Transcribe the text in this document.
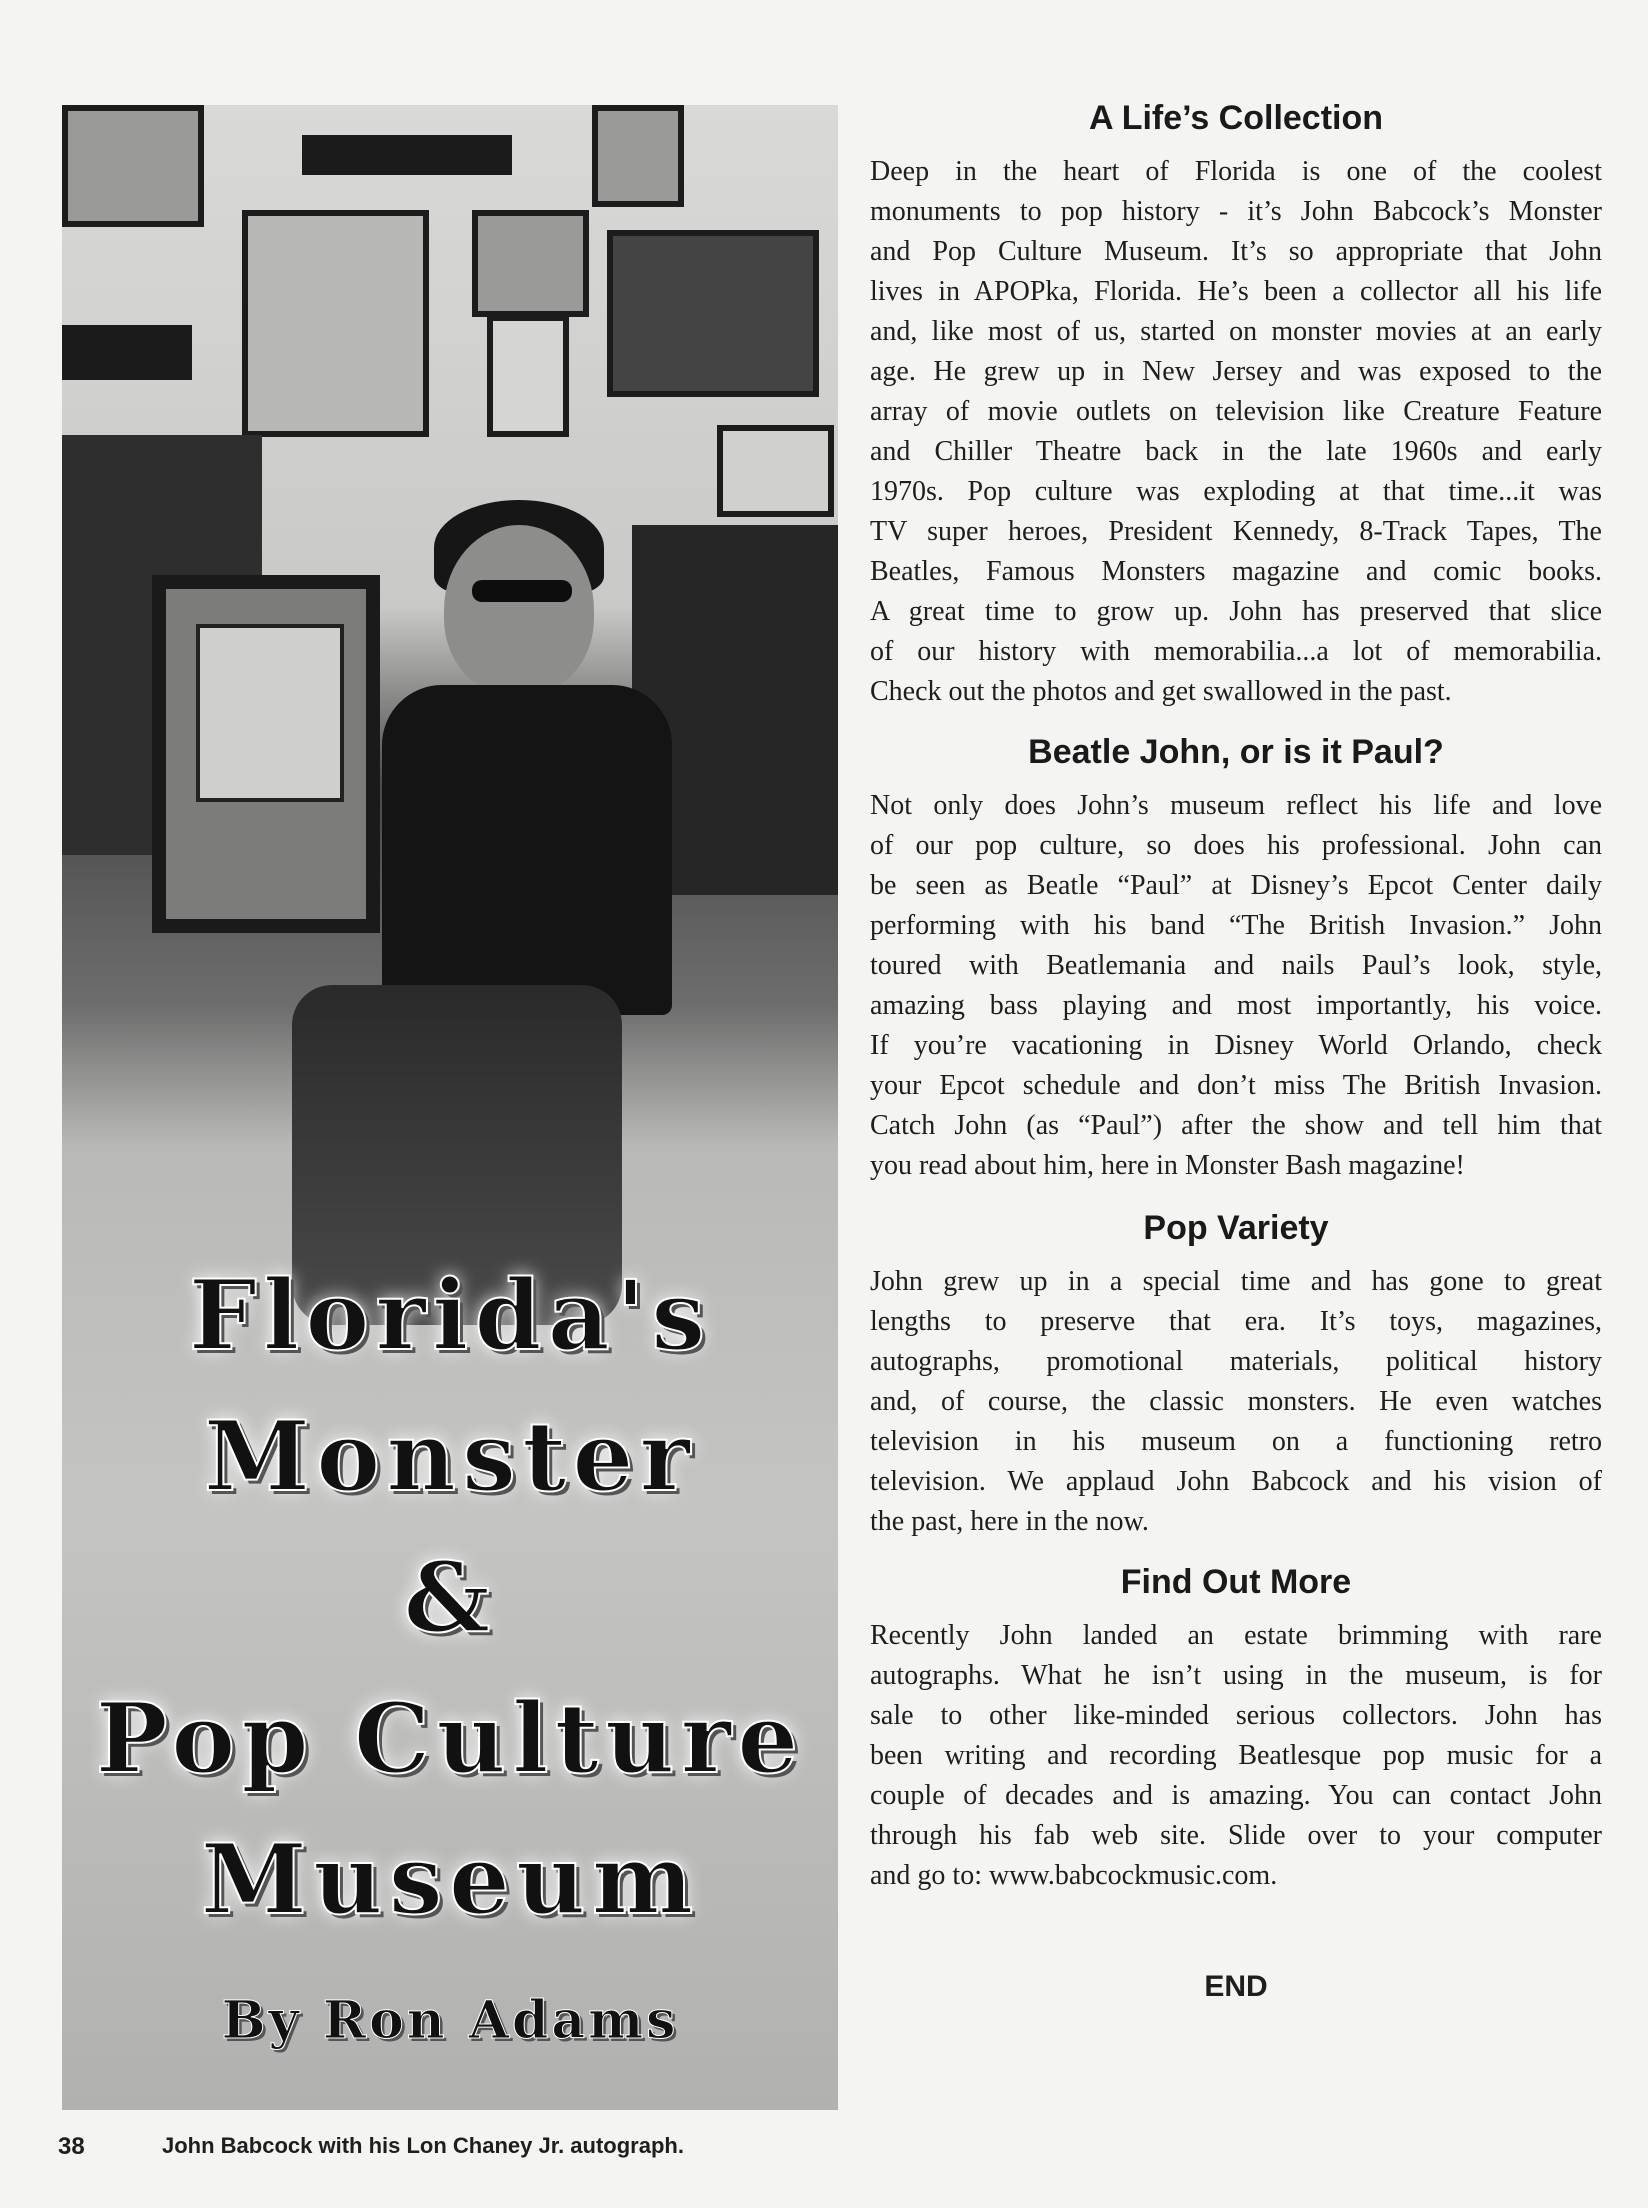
Florida's
Monster
&
Pop Culture
Museum
By Ron Adams
A Life’s Collection
Deep in the heart of Florida is one of the coolest
monuments to pop history - it’s John Babcock’s Monster
and Pop Culture Museum. It’s so appropriate that John
lives in APOPka, Florida. He’s been a collector all his life
and, like most of us, started on monster movies at an early
age. He grew up in New Jersey and was exposed to the
array of movie outlets on television like Creature Feature
and Chiller Theatre back in the late 1960s and early
1970s. Pop culture was exploding at that time...it was
TV super heroes, President Kennedy, 8-Track Tapes, The
Beatles, Famous Monsters magazine and comic books.
A great time to grow up. John has preserved that slice
of our history with memorabilia...a lot of memorabilia.
Check out the photos and get swallowed in the past.
Beatle John, or is it Paul?
Not only does John’s museum reflect his life and love
of our pop culture, so does his professional. John can
be seen as Beatle “Paul” at Disney’s Epcot Center daily
performing with his band “The British Invasion.” John
toured with Beatlemania and nails Paul’s look, style,
amazing bass playing and most importantly, his voice.
If you’re vacationing in Disney World Orlando, check
your Epcot schedule and don’t miss The British Invasion.
Catch John (as “Paul”) after the show and tell him that
you read about him, here in Monster Bash magazine!
Pop Variety
John grew up in a special time and has gone to great
lengths to preserve that era. It’s toys, magazines,
autographs, promotional materials, political history
and, of course, the classic monsters. He even watches
television in his museum on a functioning retro
television. We applaud John Babcock and his vision of
the past, here in the now.
Find Out More
Recently John landed an estate brimming with rare
autographs. What he isn’t using in the museum, is for
sale to other like-minded serious collectors. John has
been writing and recording Beatlesque pop music for a
couple of decades and is amazing. You can contact John
through his fab web site. Slide over to your computer
and go to: www.babcockmusic.com.
END
38	John Babcock with his Lon Chaney Jr. autograph.
